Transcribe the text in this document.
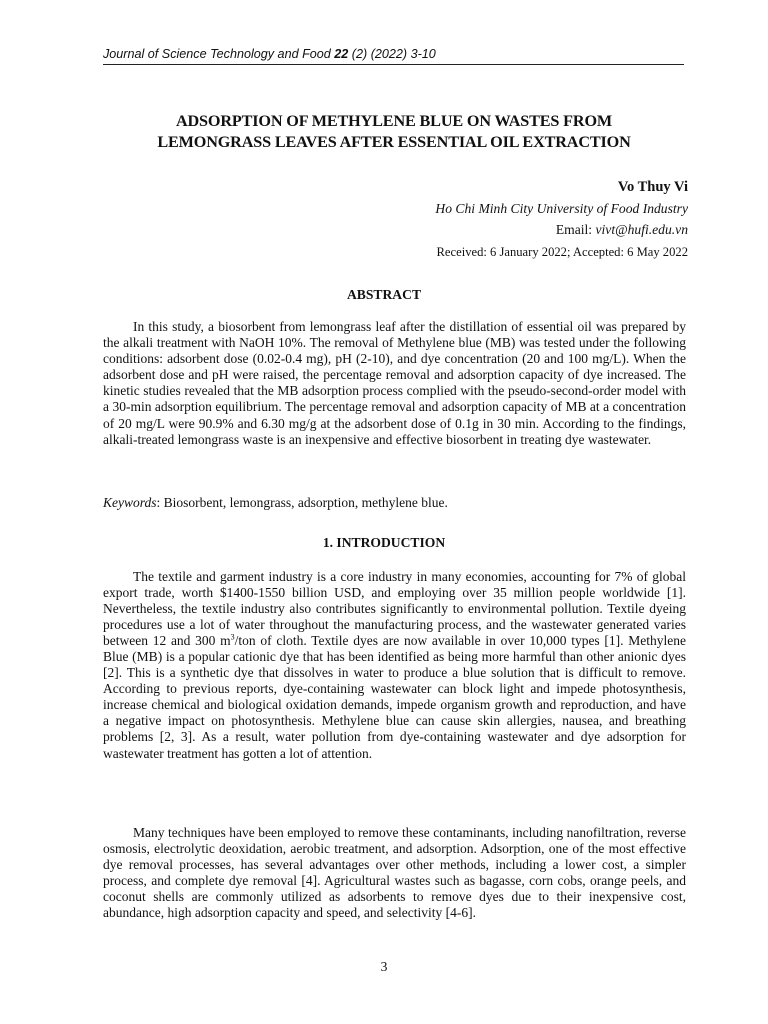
Journal of Science Technology and Food 22 (2) (2022) 3-10
ADSORPTION OF METHYLENE BLUE ON WASTES FROM
LEMONGRASS LEAVES AFTER ESSENTIAL OIL EXTRACTION
Vo Thuy Vi
Ho Chi Minh City University of Food Industry
Email: vivt@hufi.edu.vn
Received: 6 January 2022; Accepted: 6 May 2022
ABSTRACT

In this study, a biosorbent from lemongrass leaf after the distillation of essential oil was prepared by the alkali treatment with NaOH 10%. The removal of Methylene blue (MB) was tested under the following conditions: adsorbent dose (0.02-0.4 mg), pH (2-10), and dye concentration (20 and 100 mg/L). When the adsorbent dose and pH were raised, the percentage removal and adsorption capacity of dye increased. The kinetic studies revealed that the MB adsorption process complied with the pseudo-second-order model with a 30-min adsorption equilibrium. The percentage removal and adsorption capacity of MB at a concentration of 20 mg/L were 90.9% and 6.30 mg/g at the adsorbent dose of 0.1g in 30 min. According to the findings, alkali-treated lemongrass waste is an inexpensive and effective biosorbent in treating dye wastewater.

Keywords: Biosorbent, lemongrass, adsorption, methylene blue.
1. INTRODUCTION

The textile and garment industry is a core industry in many economies, accounting for 7% of global export trade, worth $1400-1550 billion USD, and employing over 35 million people worldwide [1]. Nevertheless, the textile industry also contributes significantly to environmental pollution. Textile dyeing procedures use a lot of water throughout the manufacturing process, and the wastewater generated varies between 12 and 300 $m^3$/ton of cloth. Textile dyes are now available in over 10,000 types [1]. Methylene Blue (MB) is a popular cationic dye that has been identified as being more harmful than other anionic dyes [2]. This is a synthetic dye that dissolves in water to produce a blue solution that is difficult to remove. According to previous reports, dye-containing wastewater can block light and impede photosynthesis, increase chemical and biological oxidation demands, impede organism growth and reproduction, and have a negative impact on photosynthesis. Methylene blue can cause skin allergies, nausea, and breathing problems [2, 3]. As a result, water pollution from dye-containing wastewater and dye adsorption for wastewater treatment has gotten a lot of attention.

Many techniques have been employed to remove these contaminants, including nanofiltration, reverse osmosis, electrolytic deoxidation, aerobic treatment, and adsorption. Adsorption, one of the most effective dye removal processes, has several advantages over other methods, including a lower cost, a simpler process, and complete dye removal [4]. Agricultural wastes such as bagasse, corn cobs, orange peels, and coconut shells are commonly utilized as adsorbents to remove dyes due to their inexpensive cost, abundance, high adsorption capacity and speed, and selectivity [4-6].

3
